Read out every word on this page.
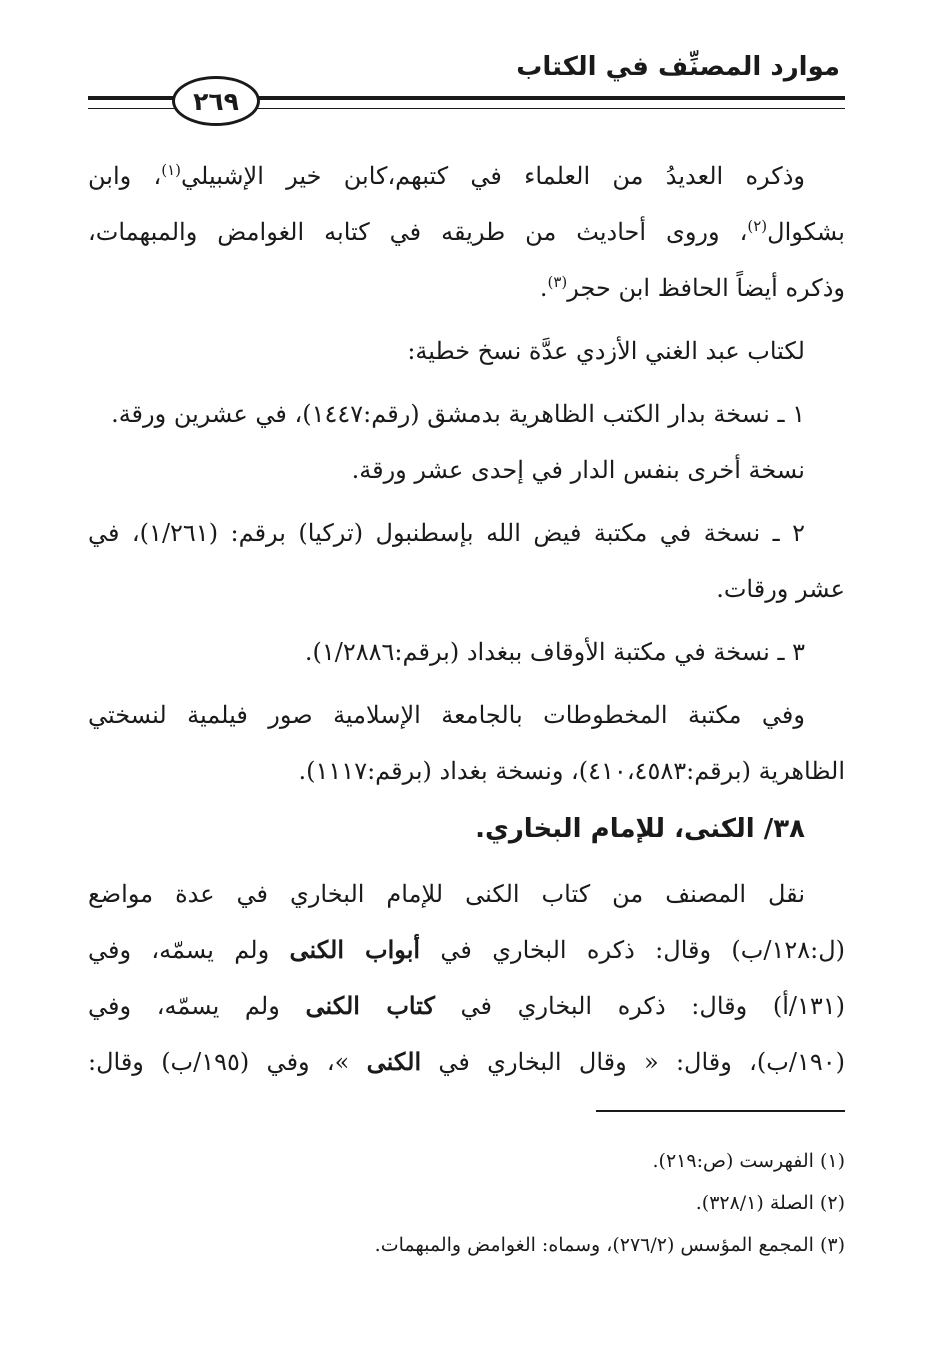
موارد المصنِّف في الكتاب
٢٦٩
وذكره العديدُ من العلماء في كتبهم،كابن خير الإشبيلي$^{(١)}$، وابن
بشكوال$^{(٢)}$، وروى أحاديث من طريقه في كتابه الغوامض والمبهمات،
وذكره أيضاً الحافظ ابن حجر$^{(٣)}$.
لكتاب عبد الغني الأزدي عدَّة نسخ خطية:
١ ـ نسخة بدار الكتب الظاهرية بدمشق (رقم:١٤٤٧)، في عشرين ورقة.
نسخة أخرى بنفس الدار في إحدى عشر ورقة.
٢ ـ نسخة في مكتبة فيض الله بإسطنبول (تركيا) برقم: (١/٢٦١)، في
عشر ورقات.
٣ ـ نسخة في مكتبة الأوقاف ببغداد (برقم:١/٢٨٨٦).
وفي مكتبة المخطوطات بالجامعة الإسلامية صور فيلمية لنسختي
الظاهرية (برقم:٤١٠،٤٥٨٣)، ونسخة بغداد (برقم:١١١٧).
٣٨/ الكنى، للإمام البخاري.
نقل المصنف من كتاب الكنى للإمام البخاري في عدة مواضع
(ل:١٢٨/ب) وقال: ذكره البخاري في أبواب الكنى ولم يسمّه، وفي
(١٣١/أ) وقال: ذكره البخاري في كتاب الكنى ولم يسمّه، وفي
(١٩٠/ب)، وقال: « وقال البخاري في الكنى »، وفي (١٩٥/ب) وقال:
(١) الفهرست (ص:٢١٩).
(٢) الصلة (٣٢٨/١).
(٣) المجمع المؤسس (٢٧٦/٢)، وسماه: الغوامض والمبهمات.
